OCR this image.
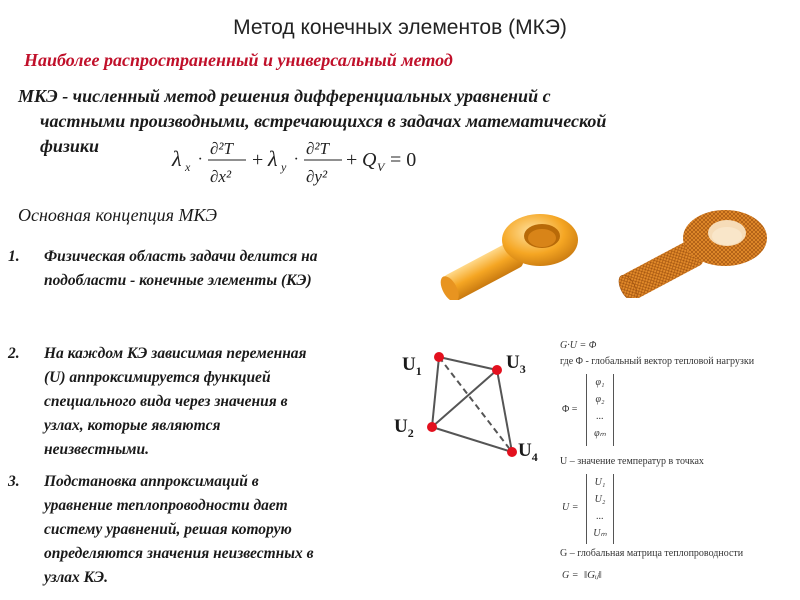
Метод конечных элементов (МКЭ)
Наиболее распространенный и универсальный метод
МКЭ - численный метод решения дифференциальных уравнений с
частными производными, встречающихся в задачах математической
физики	λ x ·
∂²T
∂x²
+ λ y ·
∂²T
∂y²
+ Q V = 0
Основная концепция МКЭ
1. Физическая область задачи делится на
подобласти - конечные элементы (КЭ)
2. На каждом КЭ зависимая переменная
(U) аппроксимируется функцией
специального вида через значения в
узлах, которые являются
неизвестными.
3. Подстановка аппроксимаций в
уравнение теплопроводности дает
систему уравнений, решая которую
определяются значения неизвестных в
узлах КЭ.
$U_1$	$U_3$
$U_2$
$U_4$
G·U = Φ
где Φ - глобальный вектор тепловой нагрузки
Φ =
φ₁
φ₂
...
φₘ
U – значение температур в точках
U =
U₁
U₂
...
Uₘ
G – глобальная матрица теплопроводности
G = ‖Gᵢⱼ‖
